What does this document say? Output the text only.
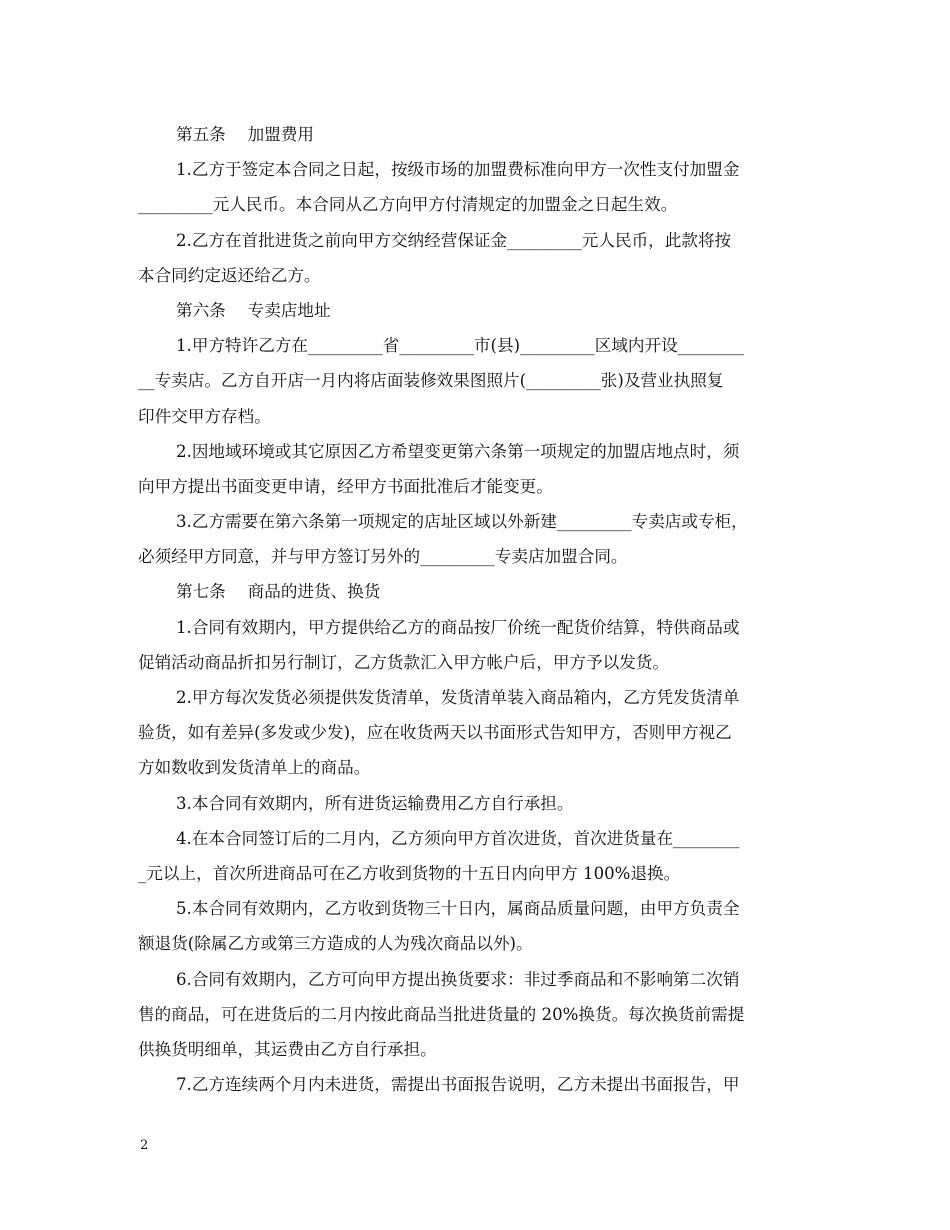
第五条　 加盟费用
1.乙方于签定本合同之日起，按级市场的加盟费标准向甲方一次性支付加盟金
_________元人民币。本合同从乙方向甲方付清规定的加盟金之日起生效。
2.乙方在首批进货之前向甲方交纳经营保证金_________元人民币，此款将按
本合同约定返还给乙方。
第六条　 专卖店地址
1.甲方特许乙方在_________省_________市(县)_________区域内开设________
__专卖店。乙方自开店一月内将店面装修效果图照片(_________张)及营业执照复
印件交甲方存档。
2.因地域环境或其它原因乙方希望变更第六条第一项规定的加盟店地点时，须
向甲方提出书面变更申请，经甲方书面批准后才能变更。
3.乙方需要在第六条第一项规定的店址区域以外新建_________专卖店或专柜，
必须经甲方同意，并与甲方签订另外的_________专卖店加盟合同。
第七条　 商品的进货、换货
1.合同有效期内，甲方提供给乙方的商品按厂价统一配货价结算，特供商品或
促销活动商品折扣另行制订，乙方货款汇入甲方帐户后，甲方予以发货。
2.甲方每次发货必须提供发货清单，发货清单装入商品箱内，乙方凭发货清单
验货，如有差异(多发或少发)，应在收货两天以书面形式告知甲方，否则甲方视乙
方如数收到发货清单上的商品。
3.本合同有效期内，所有进货运输费用乙方自行承担。
4.在本合同签订后的二月内，乙方须向甲方首次进货，首次进货量在________
_元以上，首次所进商品可在乙方收到货物的十五日内向甲方 100%退换。
5.本合同有效期内，乙方收到货物三十日内，属商品质量问题，由甲方负责全
额退货(除属乙方或第三方造成的人为残次商品以外)。
6.合同有效期内，乙方可向甲方提出换货要求：非过季商品和不影响第二次销
售的商品，可在进货后的二月内按此商品当批进货量的 20%换货。每次换货前需提
供换货明细单，其运费由乙方自行承担。
7.乙方连续两个月内未进货，需提出书面报告说明，乙方未提出书面报告，甲
2
